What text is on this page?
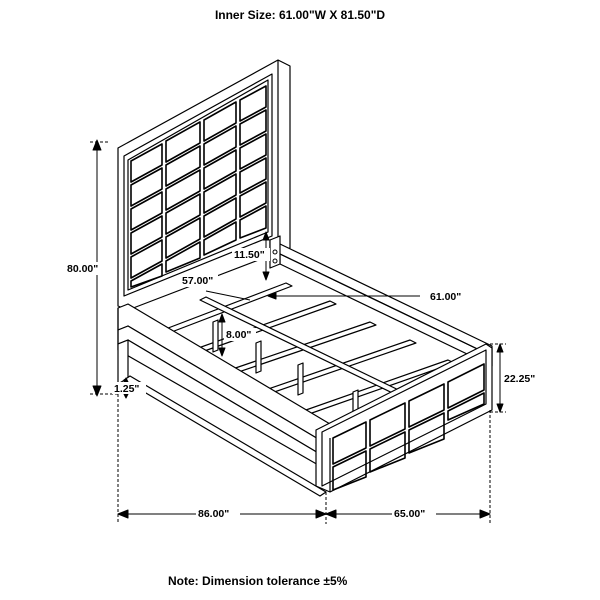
Inner Size: 61.00"W X 81.50"D
80.00"
11.50"
57.00"
61.00"
8.00"
22.25"
1.25"
86.00"	65.00"
Note: Dimension tolerance ±5%
